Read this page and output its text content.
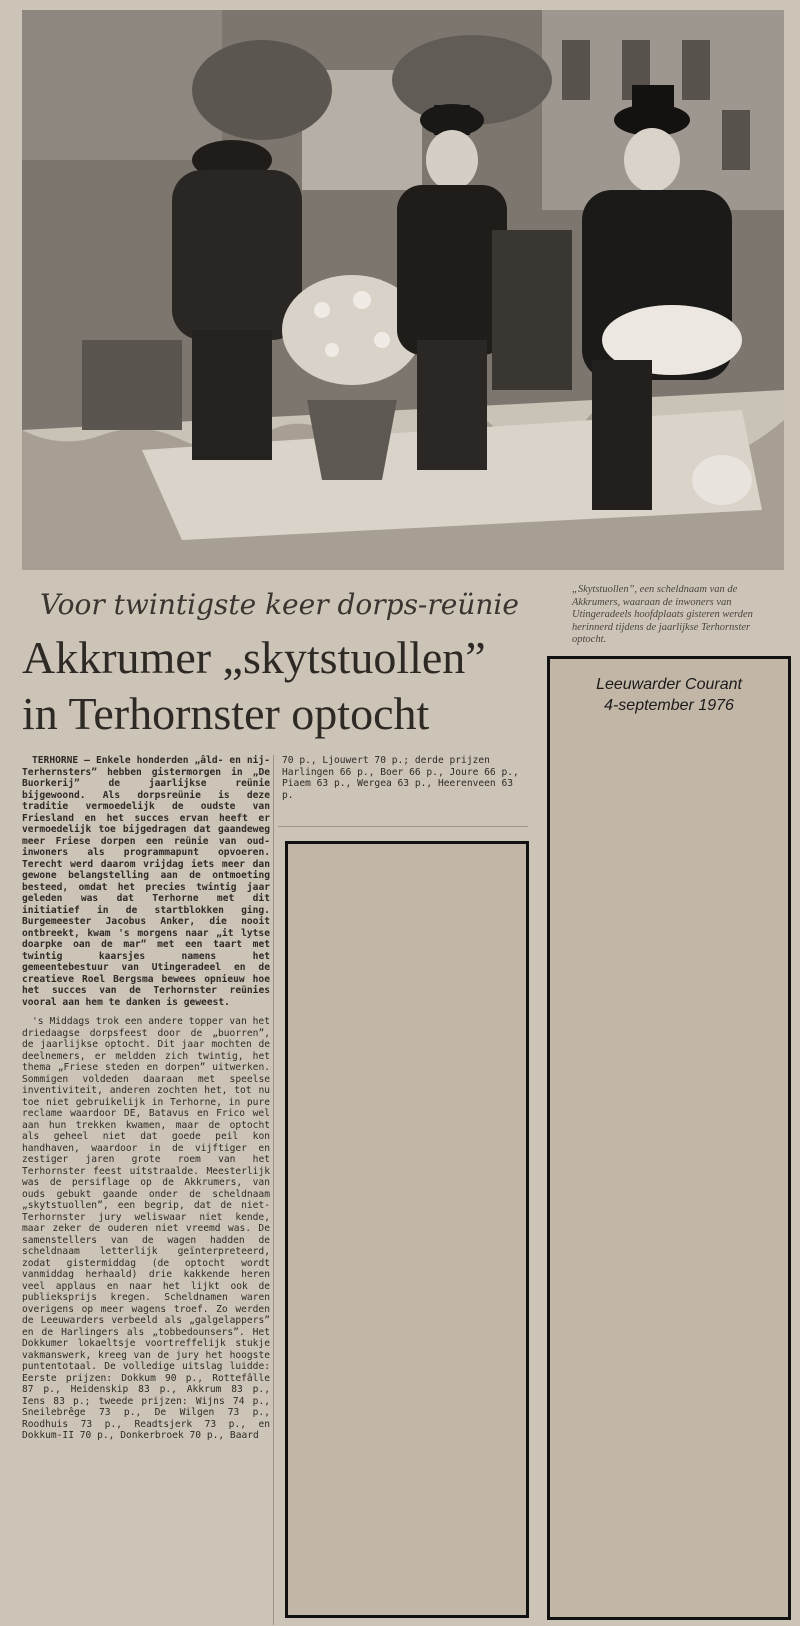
Voor twintigste keer dorps-reünie
Akkrumer „skytstuollen”
in Terhornster optocht
„Skytstuollen”, een scheldnaam van de Akkrumers, waaraan de inwoners van Utingeradeels hoofdplaats gisteren werden herinnerd tijdens de jaarlijkse Terhornster optocht.

TERHORNE — Enkele honderden „âld- en nij-Terhernsters” hebben gistermorgen in „De Buorkerij” de jaarlijkse reünie bijgewoond. Als dorpsreünie is deze traditie vermoedelijk de oudste van Friesland en het succes ervan heeft er vermoedelijk toe bijgedragen dat gaandeweg meer Friese dorpen een reünie van oud-inwoners als programmapunt opvoeren. Terecht werd daarom vrijdag iets meer dan gewone belangstelling aan de ontmoeting besteed, omdat het precies twintig jaar geleden was dat Terhorne met dit initiatief in de startblokken ging. Burgemeester Jacobus Anker, die nooit ontbreekt, kwam 's morgens naar „it lytse doarpke oan de mar” met een taart met twintig kaarsjes namens het gemeentebestuur van Utingeradeel en de creatieve Roel Bergsma bewees opnieuw hoe het succes van de Terhornster reünies vooral aan hem te danken is geweest.

's Middags trok een andere topper van het driedaagse dorpsfeest door de „buorren”, de jaarlijkse optocht. Dit jaar mochten de deelnemers, er meldden zich twintig, het thema „Friese steden en dorpen” uitwerken. Sommigen voldeden daaraan met speelse inventiviteit, anderen zochten het, tot nu toe niet gebruikelijk in Terhorne, in pure reclame waardoor DE, Batavus en Frico wel aan hun trekken kwamen, maar de optocht als geheel niet dat goede peil kon handhaven, waardoor in de vijftiger en zestiger jaren grote roem van het Terhornster feest uitstraalde. Meesterlijk was de persiflage op de Akkrumers, van ouds gebukt gaande onder de scheldnaam „skytstuollen”, een begrip, dat de niet-Terhornster jury weliswaar niet kende, maar zeker de ouderen niet vreemd was. De samenstellers van de wagen hadden de scheldnaam letterlijk geïnterpreteerd, zodat gistermiddag (de optocht wordt vanmiddag herhaald) drie kakkende heren veel applaus en naar het lijkt ook de publieksprijs kregen. Scheldnamen waren overigens op meer wagens troef. Zo werden de Leeuwarders verbeeld als „galgelappers” en de Harlingers als „tobbedounsers”. Het Dokkumer lokaeltsje voortreffelijk stukje vakmanswerk, kreeg van de jury het hoogste puntentotaal. De volledige uitslag luidde: Eerste prijzen: Dokkum 90 p., Rottefâlle 87 p., Heidenskip 83 p., Akkrum 83 p., Iens 83 p.; tweede prijzen: Wijns 74 p., Sneilebrêge 73 p., De Wilgen 73 p., Roodhuis 73 p., Readtsjerk 73 p., en Dokkum-II 70 p., Donkerbroek 70 p., Baard

70 p., Ljouwert 70 p.; derde prijzen Harlingen 66 p., Boer 66 p., Joure 66 p., Piaem 63 p., Wergea 63 p., Heerenveen 63 p.
Leeuwarder Courant
4-september 1976
